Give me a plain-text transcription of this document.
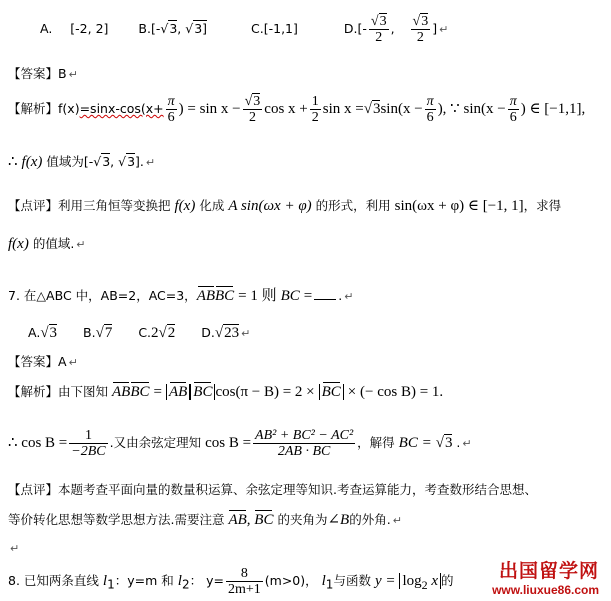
A. [-2, 2] B.[-√3, √3]	C.[-1,1]	$D.[- \frac{√3}{2}$ , $\frac{√3}{2}$ ] ↵
【答案】B ↵
【解析】$f(x)=\sin x-\cos(x+ \frac{\pi}{6}$ ) = $\sin x - \frac{√3}{2}$ $\cos x + \frac{1}{2}$ $\sin x =√3\sin(x - \frac{\pi}{6}$ ), ∵ $\sin(x - \frac{\pi}{6}$ ) ∈ [−1,1],
∴ f(x) 值域为[-√3, √3]. ↵
【点评】利用三角恒等变换把 f(x) 化成 A sin(ωx + φ) 的形式，利用 sin(ωx + φ) ∈ [−1, 1]，求得
f(x) 的值域. ↵
7. 在△ABC 中，AB=2，AC=3，ABBC = 1 则 BC = . ↵
A.√3 B.√7 C.2√2 D.√23 ↵
【答案】A ↵
【解析】由下图知 ABBC = AB BC cos(π − B) = 2 × BC × (− cos B) = 1.
∴ $\cos B = \frac{1}{-2BC}$ .又由余弦定理知 $\cos B = \frac{\text{AB² + BC² − AC²}}{2AB \cdot BC}$ ，解得 BC = √3 . ↵
【点评】本题考查平面向量的数量积运算、余弦定理等知识.考查运算能力，考查数形结合思想、
等价转化思想等数学思想方法.需要注意 AB, BC 的夹角为∠B的外角. ↵
↵
8. 已知两条直线 $l_1$：y=m 和 $l_2$： $y= \frac{8}{2m+1} (m>0)$， $l_1$与函数 $y = \log_2 x$ 的	出国留学网
www.liuxue86.com
